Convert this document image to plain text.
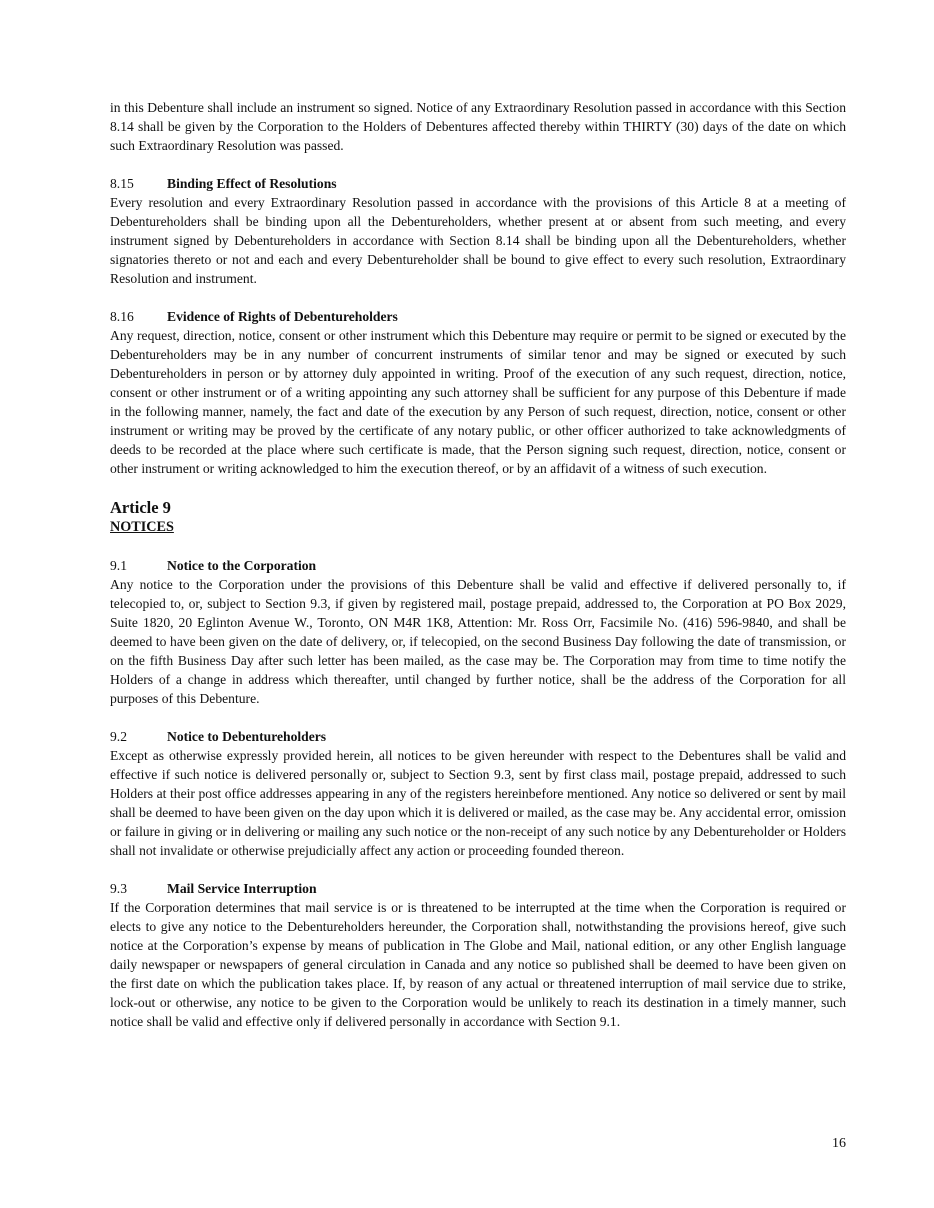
in this Debenture shall include an instrument so signed. Notice of any Extraordinary Resolution passed in accordance with this Section 8.14 shall be given by the Corporation to the Holders of Debentures affected thereby within THIRTY (30) days of the date on which such Extraordinary Resolution was passed.

8.15	Binding Effect of Resolutions

Every resolution and every Extraordinary Resolution passed in accordance with the provisions of this Article 8 at a meeting of Debentureholders shall be binding upon all the Debentureholders, whether present at or absent from such meeting, and every instrument signed by Debentureholders in accordance with Section 8.14 shall be binding upon all the Debentureholders, whether signatories thereto or not and each and every Debentureholder shall be bound to give effect to every such resolution, Extraordinary Resolution and instrument.

8.16	Evidence of Rights of Debentureholders

Any request, direction, notice, consent or other instrument which this Debenture may require or permit to be signed or executed by the Debentureholders may be in any number of concurrent instruments of similar tenor and may be signed or executed by such Debentureholders in person or by attorney duly appointed in writing. Proof of the execution of any such request, direction, notice, consent or other instrument or of a writing appointing any such attorney shall be sufficient for any purpose of this Debenture if made in the following manner, namely, the fact and date of the execution by any Person of such request, direction, notice, consent or other instrument or writing may be proved by the certificate of any notary public, or other officer authorized to take acknowledgments of deeds to be recorded at the place where such certificate is made, that the Person signing such request, direction, notice, consent or other instrument or writing acknowledged to him the execution thereof, or by an affidavit of a witness of such execution.

Article 9
NOTICES
9.1	Notice to the Corporation

Any notice to the Corporation under the provisions of this Debenture shall be valid and effective if delivered personally to, if telecopied to, or, subject to Section 9.3, if given by registered mail, postage prepaid, addressed to, the Corporation at PO Box 2029, Suite 1820, 20 Eglinton Avenue W., Toronto, ON M4R 1K8, Attention: Mr. Ross Orr, Facsimile No. (416) 596-9840, and shall be deemed to have been given on the date of delivery, or, if telecopied, on the second Business Day following the date of transmission, or on the fifth Business Day after such letter has been mailed, as the case may be. The Corporation may from time to time notify the Holders of a change in address which thereafter, until changed by further notice, shall be the address of the Corporation for all purposes of this Debenture.

9.2	Notice to Debentureholders

Except as otherwise expressly provided herein, all notices to be given hereunder with respect to the Debentures shall be valid and effective if such notice is delivered personally or, subject to Section 9.3, sent by first class mail, postage prepaid, addressed to such Holders at their post office addresses appearing in any of the registers hereinbefore mentioned. Any notice so delivered or sent by mail shall be deemed to have been given on the day upon which it is delivered or mailed, as the case may be. Any accidental error, omission or failure in giving or in delivering or mailing any such notice or the non-receipt of any such notice by any Debentureholder or Holders shall not invalidate or otherwise prejudicially affect any action or proceeding founded thereon.

9.3	Mail Service Interruption

If the Corporation determines that mail service is or is threatened to be interrupted at the time when the Corporation is required or elects to give any notice to the Debentureholders hereunder, the Corporation shall, notwithstanding the provisions hereof, give such notice at the Corporation’s expense by means of publication in The Globe and Mail, national edition, or any other English language daily newspaper or newspapers of general circulation in Canada and any notice so published shall be deemed to have been given on the first date on which the publication takes place. If, by reason of any actual or threatened interruption of mail service due to strike, lock-out or otherwise, any notice to be given to the Corporation would be unlikely to reach its destination in a timely manner, such notice shall be valid and effective only if delivered personally in accordance with Section 9.1.

16
